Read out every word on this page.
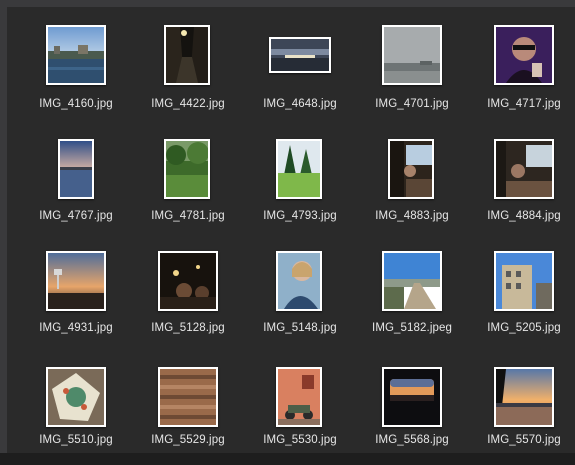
IMG_4160.jpg	IMG_4422.jpg	IMG_4648.jpg	IMG_4701.jpg	IMG_4717.jpg
IMG_4767.jpg	IMG_4781.jpg	IMG_4793.jpg	IMG_4883.jpg	IMG_4884.jpg
IMG_4931.jpg	IMG_5128.jpg	IMG_5148.jpg	IMG_5182.jpeg	IMG_5205.jpg
IMG_5510.jpg	IMG_5529.jpg	IMG_5530.jpg	IMG_5568.jpg	IMG_5570.jpg
